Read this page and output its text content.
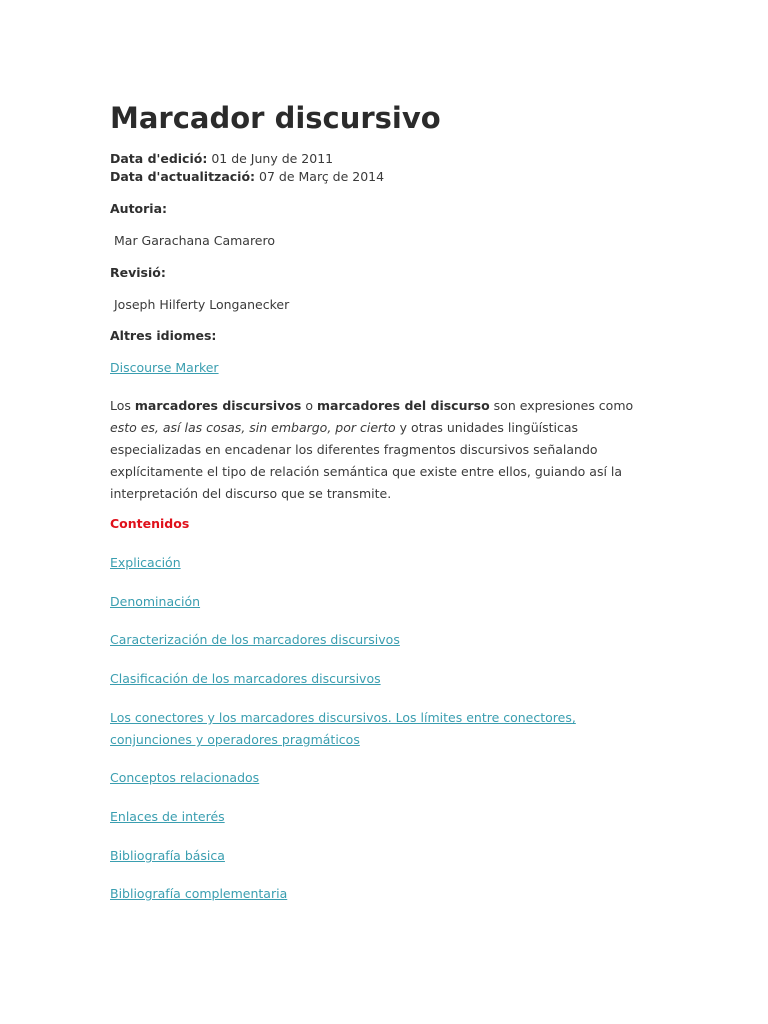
Marcador discursivo
Data d'edició: 01 de Juny de 2011
Data d'actualització: 07 de Març de 2014
Autoria:
Mar Garachana Camarero
Revisió:
Joseph Hilferty Longanecker
Altres idiomes:
Discourse Marker

Los marcadores discursivos o marcadores del discurso son expresiones como esto es, así las cosas, sin embargo, por cierto y otras unidades lingüísticas especializadas en encadenar los diferentes fragmentos discursivos señalando explícitamente el tipo de relación semántica que existe entre ellos, guiando así la interpretación del discurso que se transmite.

Contenidos
Explicación
Denominación
Caracterización de los marcadores discursivos
Clasificación de los marcadores discursivos
Los conectores y los marcadores discursivos. Los límites entre conectores, conjunciones y operadores pragmáticos
Conceptos relacionados
Enlaces de interés
Bibliografía básica
Bibliografía complementaria
